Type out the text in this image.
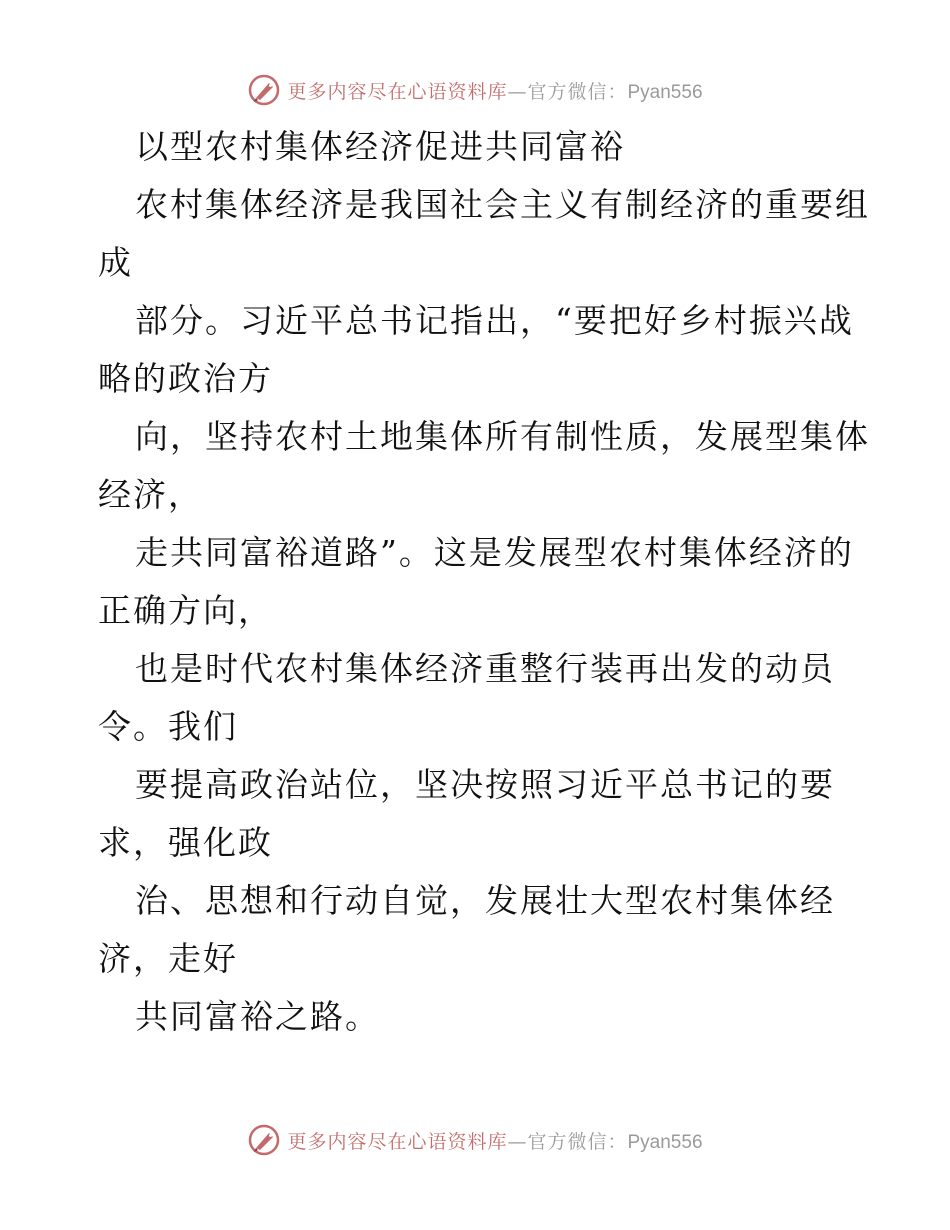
更多内容尽在心语资料库—官方微信：Pyan556
以型农村集体经济促进共同富裕
农村集体经济是我国社会主义有制经济的重要组
成
部分。习近平总书记指出，“要把好乡村振兴战
略的政治方
向，坚持农村土地集体所有制性质，发展型集体
经济，
走共同富裕道路”。这是发展型农村集体经济的
正确方向，
也是时代农村集体经济重整行装再出发的动员
令。我们
要提高政治站位，坚决按照习近平总书记的要
求，强化政
治、思想和行动自觉，发展壮大型农村集体经
济，走好
共同富裕之路。
更多内容尽在心语资料库—官方微信：Pyan556
